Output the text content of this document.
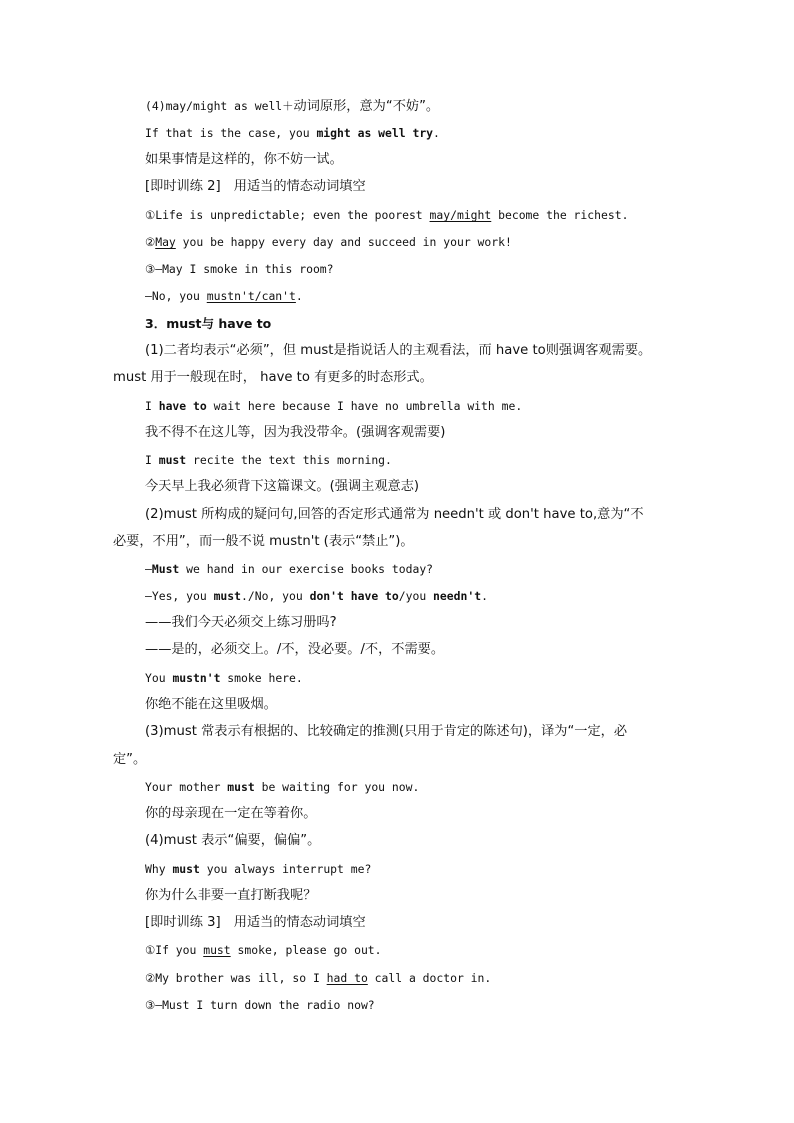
(4)may/might as well＋动词原形，意为“不妨”。
If that is the case, you might as well try.
如果事情是这样的，你不妨一试。
[即时训练 2]　用适当的情态动词填空
①Life is unpredictable; even the poorest may/might become the richest.
②May you be happy every day and succeed in your work!
③—May I smoke in this room?
—No, you mustn't/can't.
3．must与 have to
(1)二者均表示“必须”，但 must是指说话人的主观看法，而 have to则强调客观需要。
must 用于一般现在时， have to 有更多的时态形式。
I have to wait here because I have no umbrella with me.
我不得不在这儿等，因为我没带伞。(强调客观需要)
I must recite the text this morning.
今天早上我必须背下这篇课文。(强调主观意志)
(2)must 所构成的疑问句,回答的否定形式通常为 needn't 或 don't have to,意为“不
必要，不用”，而一般不说 mustn't (表示“禁止”)。
—Must we hand in our exercise books today?
—Yes, you must./No, you don't have to/you needn't.
——我们今天必须交上练习册吗?
——是的，必须交上。/不，没必要。/不，不需要。
You mustn't smoke here.
你绝不能在这里吸烟。
(3)must 常表示有根据的、比较确定的推测(只用于肯定的陈述句)，译为“一定，必
定”。
Your mother must be waiting for you now.
你的母亲现在一定在等着你。
(4)must 表示“偏要，偏偏”。
Why must you always interrupt me?
你为什么非要一直打断我呢？
[即时训练 3]　用适当的情态动词填空
①If you must smoke, please go out.
②My brother was ill, so I had to call a doctor in.
③—Must I turn down the radio now?
